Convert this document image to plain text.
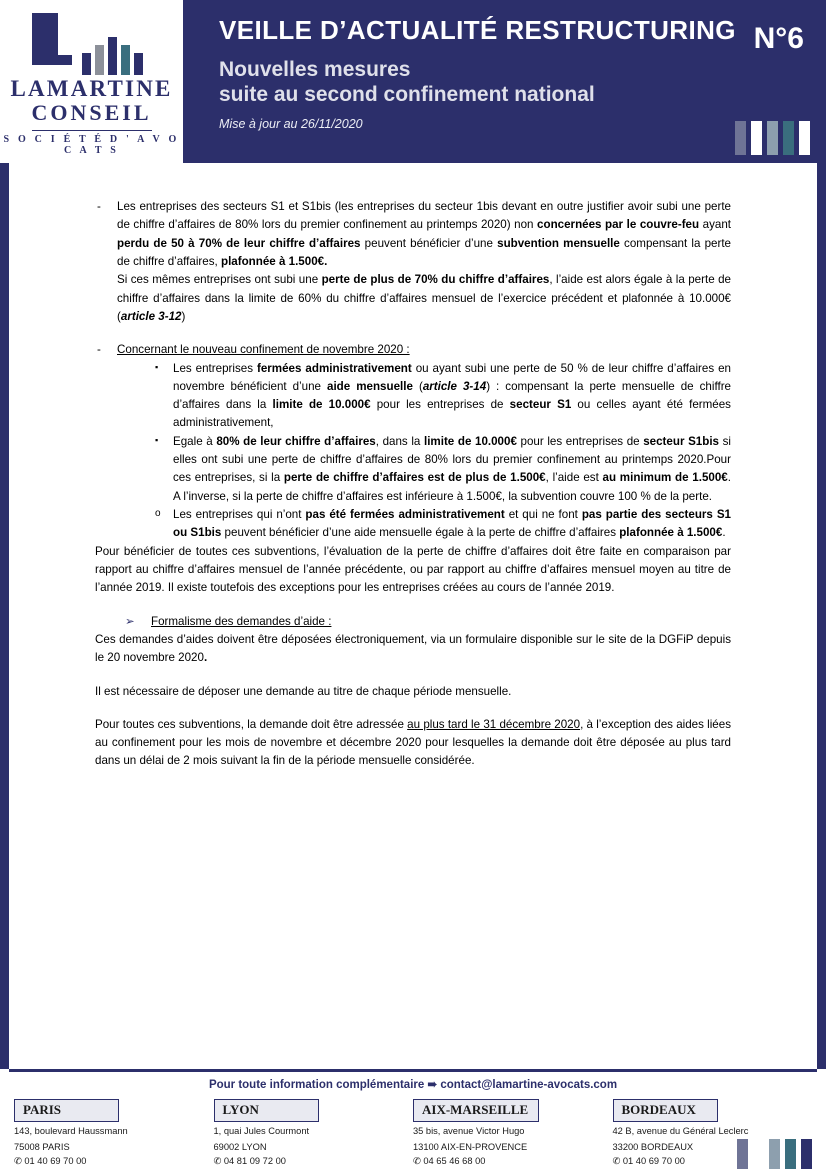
LAMARTINE
CONSEIL
S O C I É T É D ' A V O C A T S
VEILLE D’ACTUALITÉ RESTRUCTURING
Nouvelles mesures
suite au second confinement national
Mise à jour au 26/11/2020
N°6
-	Les entreprises des secteurs S1 et S1bis (les entreprises du secteur 1bis devant en outre justifier avoir subi une perte de chiffre d’affaires de 80% lors du premier confinement au printemps 2020) non concernées par le couvre-feu ayant perdu de 50 à 70% de leur chiffre d’affaires peuvent bénéficier d’une subvention mensuelle compensant la perte de chiffre d’affaires, plafonnée à 1.500€.

Si ces mêmes entreprises ont subi une perte de plus de 70% du chiffre d’affaires, l’aide est alors égale à la perte de chiffre d’affaires dans la limite de 60% du chiffre d’affaires mensuel de l’exercice précédent et plafonnée à 10.000€ (article 3-12)

-	Concernant le nouveau confinement de novembre 2020 :

▪	Les entreprises fermées administrativement ou ayant subi une perte de 50 % de leur chiffre d’affaires en novembre bénéficient d’une aide mensuelle (article 3-14) : compensant la perte mensuelle de chiffre d’affaires dans la limite de 10.000€ pour les entreprises de secteur S1 ou celles ayant été fermées administrativement,

▪	Egale à 80% de leur chiffre d’affaires, dans la limite de 10.000€ pour les entreprises de secteur S1bis si elles ont subi une perte de chiffre d’affaires de 80% lors du premier confinement au printemps 2020.Pour ces entreprises, si la perte de chiffre d’affaires est de plus de 1.500€, l’aide est au minimum de 1.500€. A l’inverse, si la perte de chiffre d’affaires est inférieure à 1.500€, la subvention couvre 100 % de la perte.

o	Les entreprises qui n’ont pas été fermées administrativement et qui ne font pas partie des secteurs S1 ou S1bis peuvent bénéficier d’une aide mensuelle égale à la perte de chiffre d’affaires plafonnée à 1.500€.

Pour bénéficier de toutes ces subventions, l’évaluation de la perte de chiffre d’affaires doit être faite en comparaison par rapport au chiffre d’affaires mensuel de l’année précédente, ou par rapport au chiffre d’affaires mensuel moyen au titre de l’année 2019. Il existe toutefois des exceptions pour les entreprises créées au cours de l’année 2019.

➢	Formalisme des demandes d’aide :

Ces demandes d’aides doivent être déposées électroniquement, via un formulaire disponible sur le site de la DGFiP depuis le 20 novembre 2020.

Il est nécessaire de déposer une demande au titre de chaque période mensuelle.

Pour toutes ces subventions, la demande doit être adressée au plus tard le 31 décembre 2020, à l’exception des aides liées au confinement pour les mois de novembre et décembre 2020 pour lesquelles la demande doit être déposée au plus tard dans un délai de 2 mois suivant la fin de la période mensuelle considérée.

Pour toute information complémentaire ➠ contact@lamartine-avocats.com
PARIS
143, boulevard Haussmann
75008 PARIS
✆ 01 40 69 70 00
LYON
1, quai Jules Courmont
69002 LYON
✆ 04 81 09 72 00
AIX-MARSEILLE
35 bis, avenue Victor Hugo
13100 AIX-EN-PROVENCE
✆ 04 65 46 68 00
BORDEAUX
42 B, avenue du Général Leclerc
33200 BORDEAUX
✆ 01 40 69 70 00
